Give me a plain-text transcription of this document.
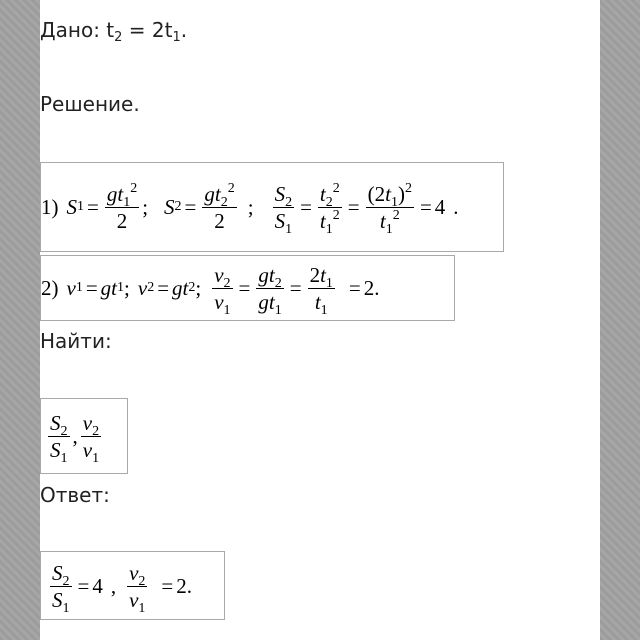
Дано: $t_2 = 2t_1$.
Решение.
1) S $1 = \frac{gt_1^2}{2}$ ; S $2 = \frac{gt_2^2}{2}$ ; $\frac{S_2}{S_1} = \frac{t_2^2}{t_1^2} = \frac{(2t_1)^2}{t_1^2} = 4$ .
2) v 1 = g t 1 ; v 2 = g t 2 ; $\frac{v_2}{v_1} = \frac{gt_2}{gt_1} = \frac{2t_1}{t_1} = 2$ .
Найти:
$\frac{S_2}{S_1}$ , $\frac{v_2}{v_1}$
Ответ:
$\frac{S_2}{S_1} = 4$ , $\frac{v_2}{v_1} = 2$ .
